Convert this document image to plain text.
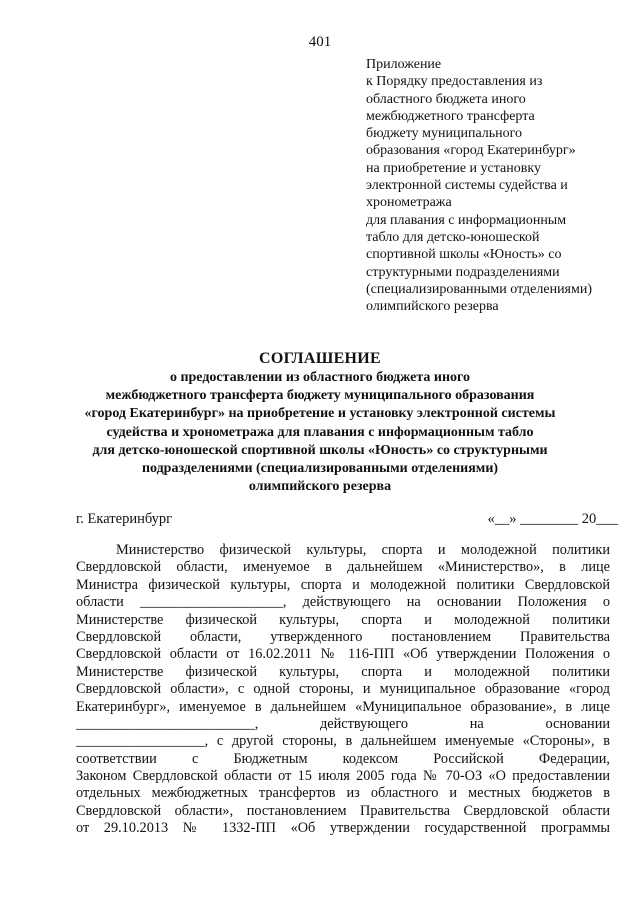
401
Приложение
к Порядку предоставления из
областного бюджета иного
межбюджетного трансферта
бюджету муниципального
образования «город Екатеринбург»
на приобретение и установку
электронной системы судейства и
хронометража
для плавания с информационным
табло для детско-юношеской
спортивной школы «Юность» со
структурными подразделениями
(специализированными отделениями)
олимпийского резерва
СОГЛАШЕНИЕ
о предоставлении из областного бюджета иного
межбюджетного трансферта бюджету муниципального образования
«город Екатеринбург» на приобретение и установку электронной системы
судейства и хронометража для плавания с информационным табло
для детско-юношеской спортивной школы «Юность» со структурными
подразделениями (специализированными отделениями)
олимпийского резерва
г. Екатеринбург	«__» ________ 20___
Министерство физической культуры, спорта и молодежной политики
Свердловской области, именуемое в дальнейшем «Министерство», в лице
Министра физической культуры, спорта и молодежной политики Свердловской
области ____________________, действующего на основании Положения о
Министерстве физической культуры, спорта и молодежной политики
Свердловской области, утвержденного постановлением Правительства
Свердловской области от 16.02.2011 № 116-ПП «Об утверждении Положения о
Министерстве физической культуры, спорта и молодежной политики
Свердловской области», с одной стороны, и муниципальное образование «город
Екатеринбург», именуемое в дальнейшем «Муниципальное образование», в лице
_________________________, действующего на основании
__________________, с другой стороны, в дальнейшем именуемые «Стороны», в
соответствии с Бюджетным кодексом Российской Федерации,
Законом Свердловской области от 15 июля 2005 года № 70-ОЗ «О предоставлении
отдельных межбюджетных трансфертов из областного и местных бюджетов в
Свердловской области», постановлением Правительства Свердловской области
от 29.10.2013 № 1332-ПП «Об утверждении государственной программы
